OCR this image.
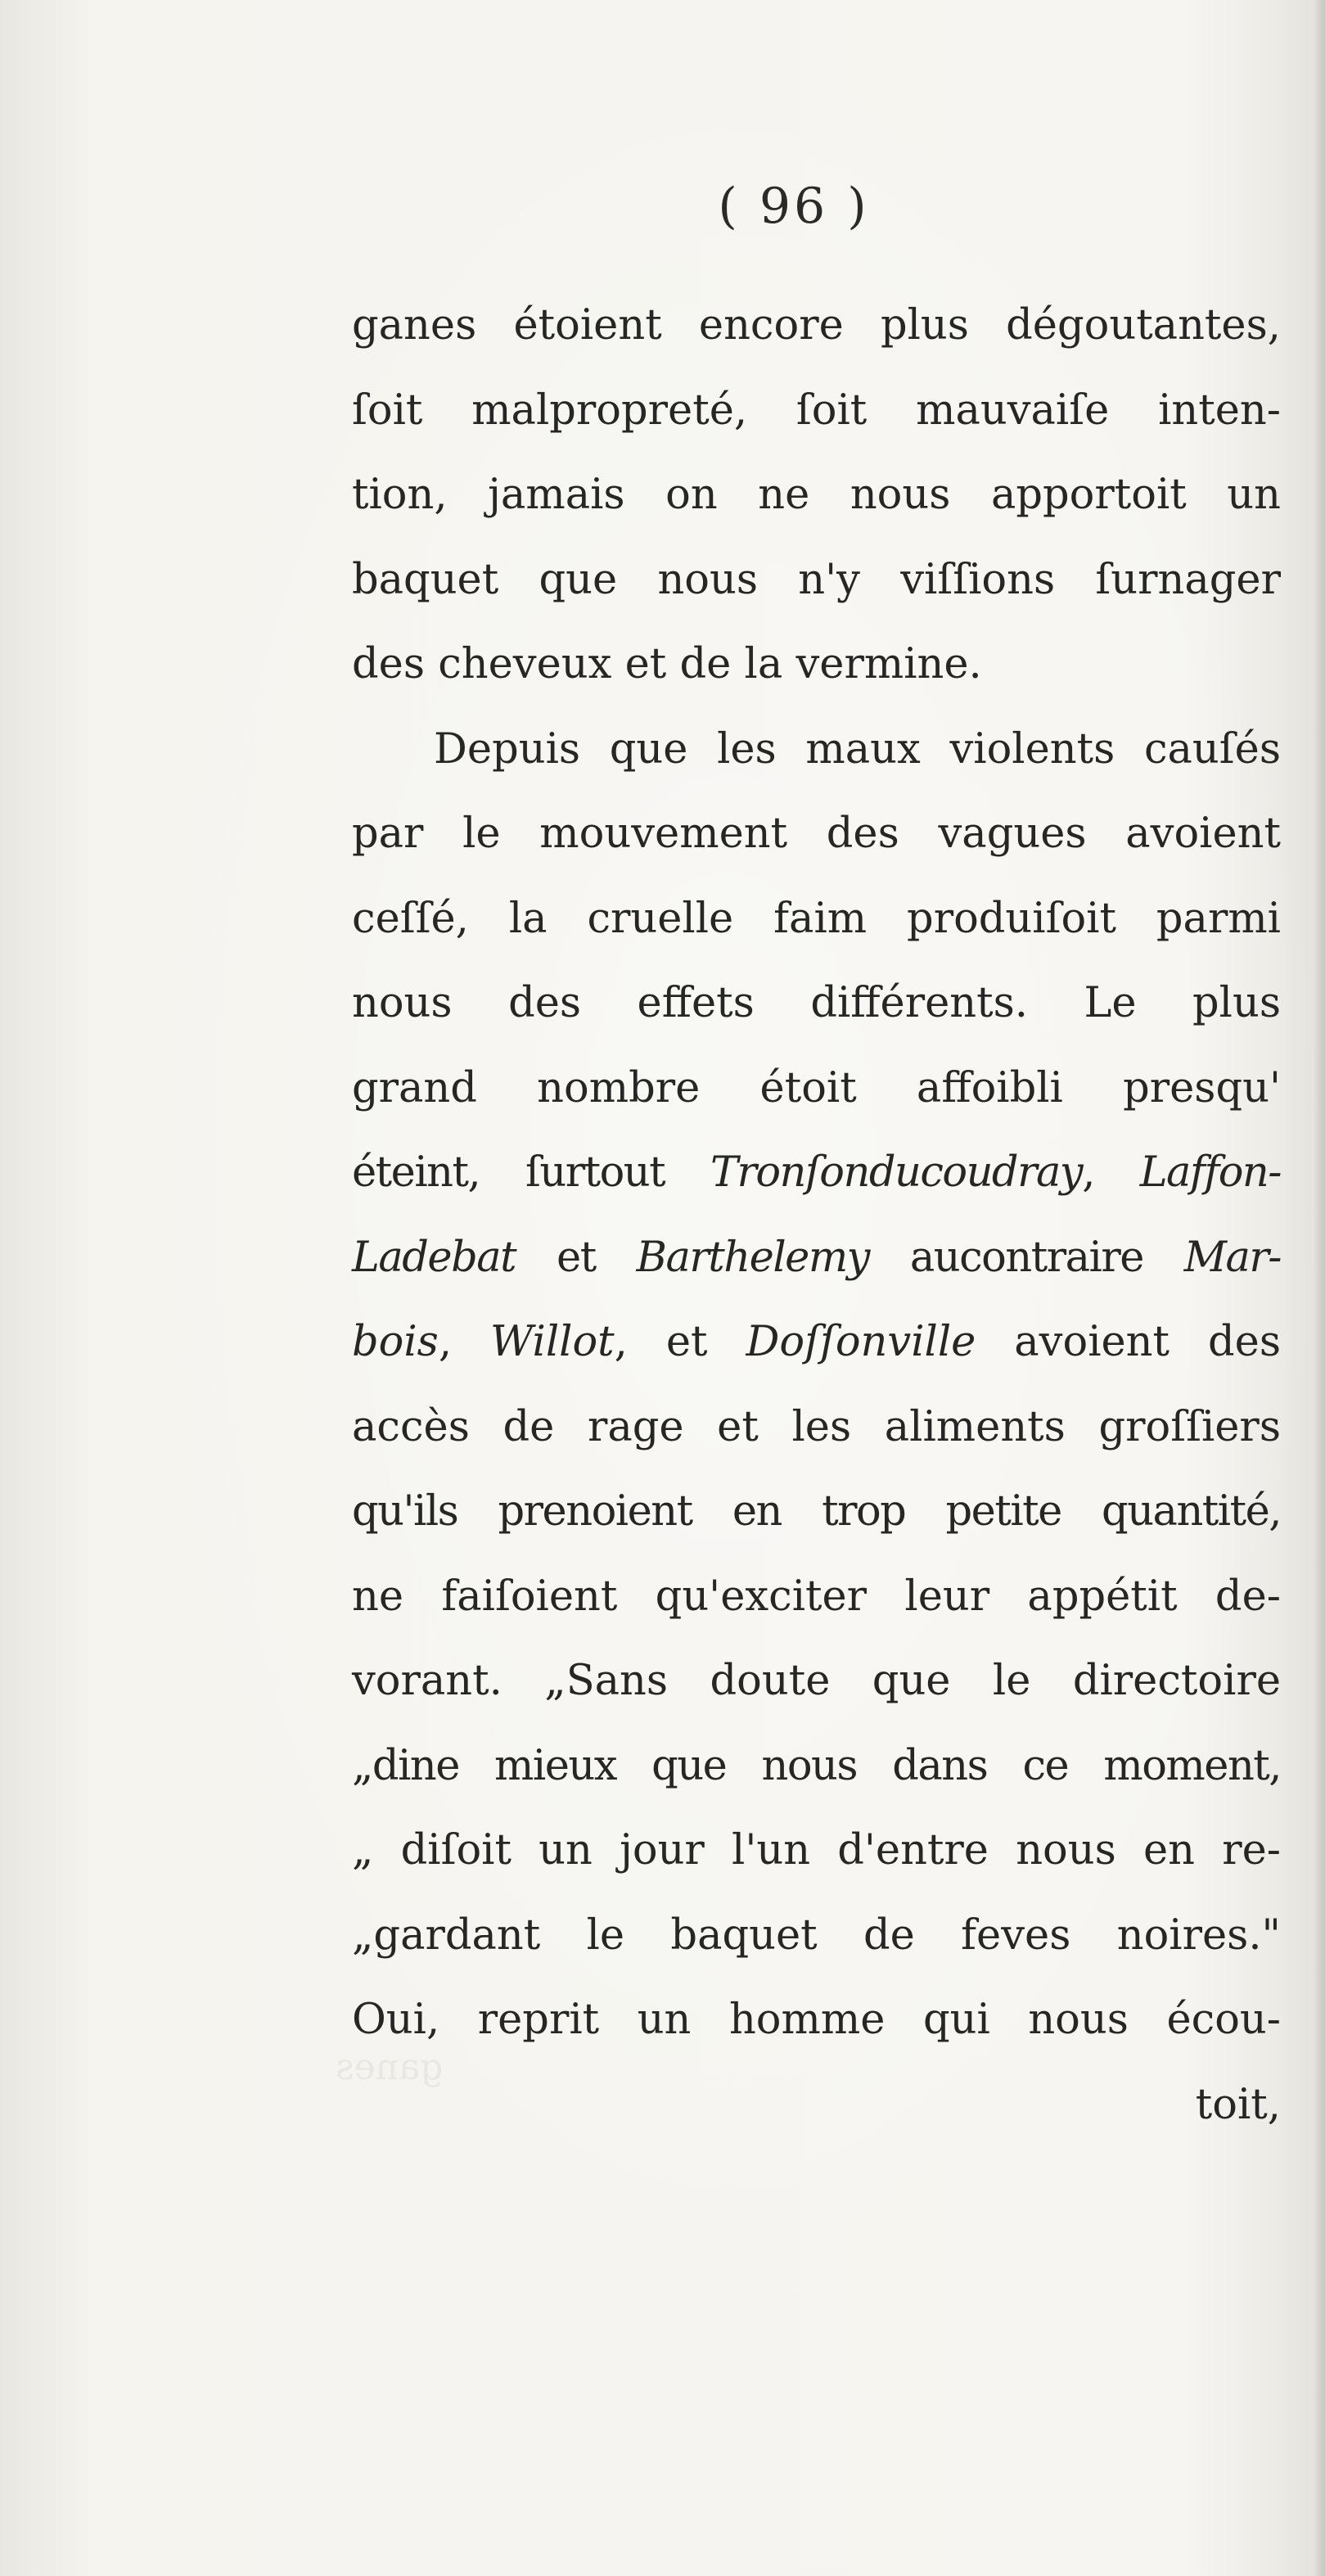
( 96 )
ganes étoient encore plus dégoutantes,
ſoit malpropreté, ſoit mauvaiſe inten-
tion, jamais on ne nous apportoit un
baquet que nous n'y viſſions ſurnager
des cheveux et de la vermine.
Depuis que les maux violents cauſés
par le mouvement des vagues avoient
ceſſé, la cruelle faim produiſoit parmi
nous des effets différents. Le plus
grand nombre étoit affoibli presqu'
éteint, ſurtout Tronſonducoudray, Laffon-
Ladebat et Barthelemy aucontraire Mar-
bois, Willot, et Doſſonville avoient des
accès de rage et les aliments groſſiers
qu'ils prenoient en trop petite quantité,
ne faiſoient qu'exciter leur appétit de-
vorant. „Sans doute que le directoire
„dine mieux que nous dans ce moment,
„ diſoit un jour l'un d'entre nous en re-
„gardant le baquet de feves noires."
Oui, reprit un homme qui nous écou-
toit,
ganes
